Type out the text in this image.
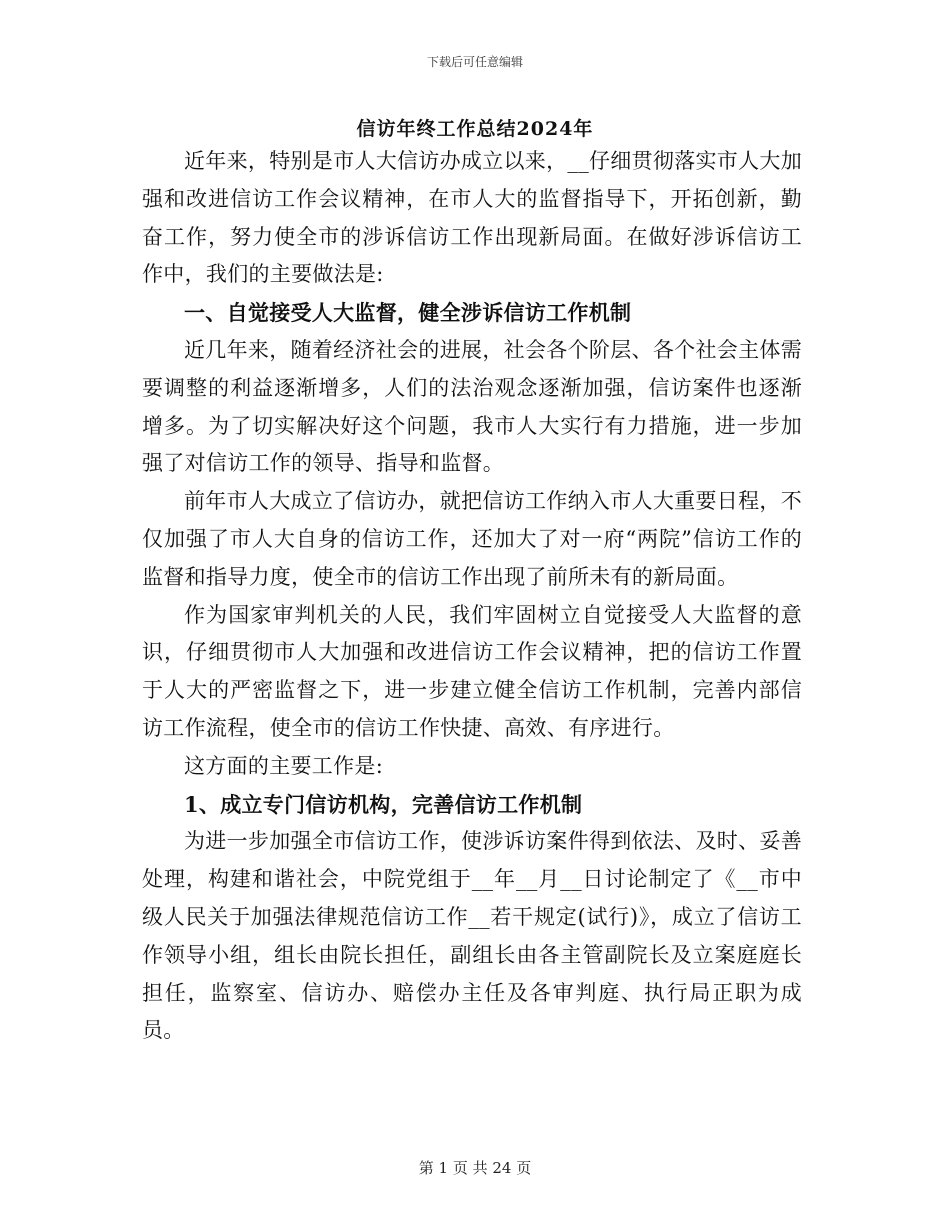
下载后可任意编辑
信访年终工作总结2024年

近年来，特别是市人大信访办成立以来，__仔细贯彻落实市人大加强和改进信访工作会议精神，在市人大的监督指导下，开拓创新，勤奋工作，努力使全市的涉诉信访工作出现新局面。在做好涉诉信访工作中，我们的主要做法是:

一、自觉接受人大监督，健全涉诉信访工作机制

近几年来，随着经济社会的进展，社会各个阶层、各个社会主体需要调整的利益逐渐增多，人们的法治观念逐渐加强，信访案件也逐渐增多。为了切实解决好这个问题，我市人大实行有力措施，进一步加强了对信访工作的领导、指导和监督。

前年市人大成立了信访办，就把信访工作纳入市人大重要日程，不仅加强了市人大自身的信访工作，还加大了对一府“两院”信访工作的监督和指导力度，使全市的信访工作出现了前所未有的新局面。

作为国家审判机关的人民，我们牢固树立自觉接受人大监督的意识，仔细贯彻市人大加强和改进信访工作会议精神，把的信访工作置于人大的严密监督之下，进一步建立健全信访工作机制，完善内部信访工作流程，使全市的信访工作快捷、高效、有序进行。

这方面的主要工作是:

1、成立专门信访机构，完善信访工作机制

为进一步加强全市信访工作，使涉诉访案件得到依法、及时、妥善处理，构建和谐社会，中院党组于__年__月__日讨论制定了《__市中级人民关于加强法律规范信访工作__若干规定(试行)》，成立了信访工作领导小组，组长由院长担任，副组长由各主管副院长及立案庭庭长担任，监察室、信访办、赔偿办主任及各审判庭、执行局正职为成员。

第 1 页 共 24 页
